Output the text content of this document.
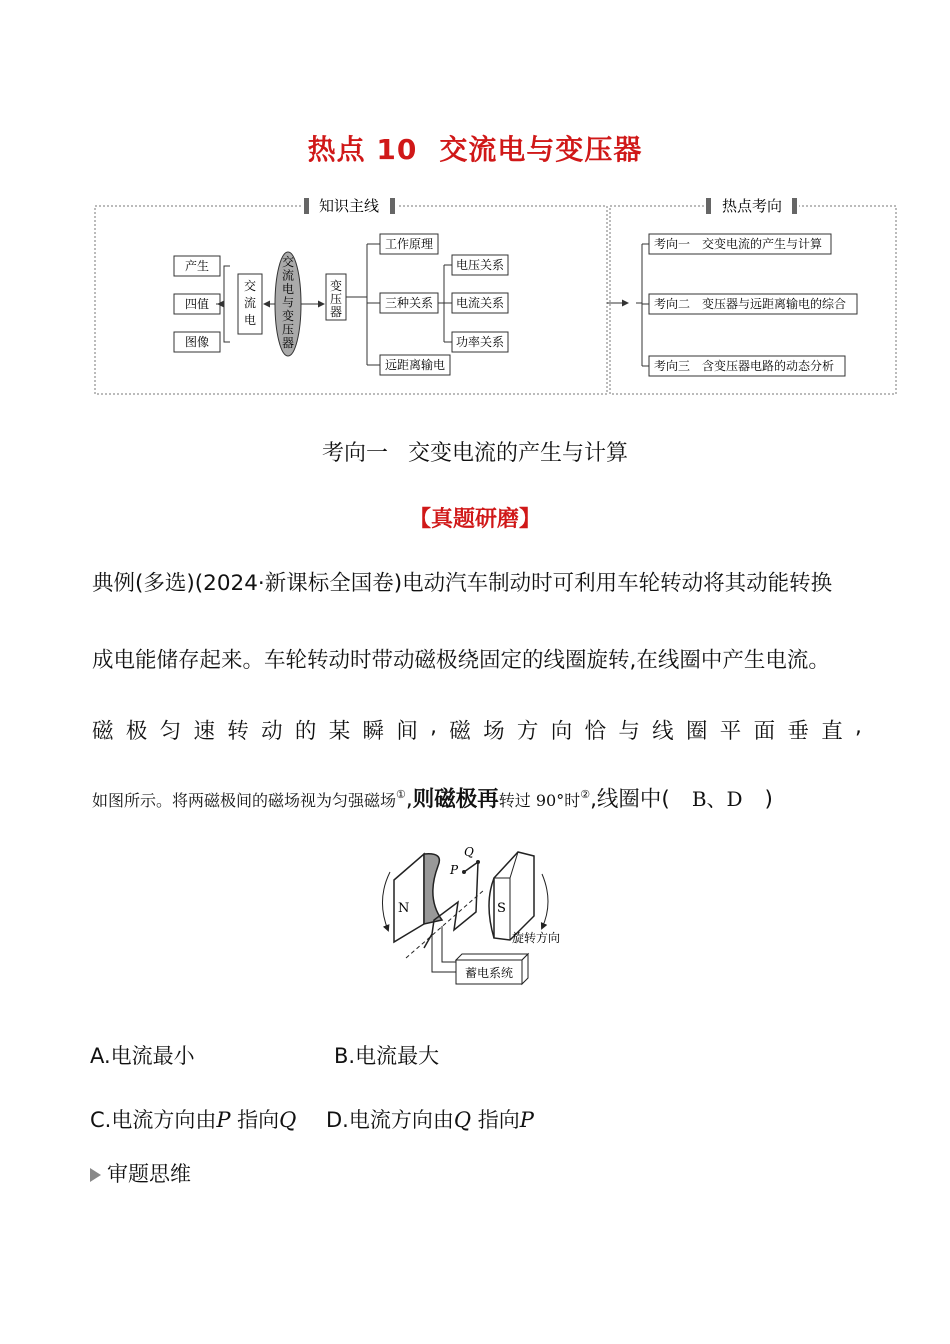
热点 10 交流电与变压器
知识主线	热点考向
产生
四值
图像
交
流
电
交
流
电
与
变
压
器
变
压
器
工作原理
三种关系
远距离输电
电压关系
电流关系
功率关系
考向一　交变电流的产生与计算
考向二　变压器与远距离输电的综合
考向三　含变压器电路的动态分析
考向一 交变电流的产生与计算
【真题研磨】
典例(多选)(2024·新课标全国卷)电动汽车制动时可利用车轮转动将其动能转换
成电能储存起来。车轮转动时带动磁极绕固定的线圈旋转,在线圈中产生电流。
磁 极 匀 速 转 动 的 某 瞬 间 , 磁 场 方 向 恰 与 线 圈 平 面 垂 直 ,
如图所示。将两磁极间的磁场视为匀强磁场①,则磁极再转过 90°时②,线圈中( B、D )
N	S
旋转方向
P
Q
蓄电系统
A.电流最小	B.电流最大
C.电流方向由P 指向Q D.电流方向由Q 指向P
审题思维
